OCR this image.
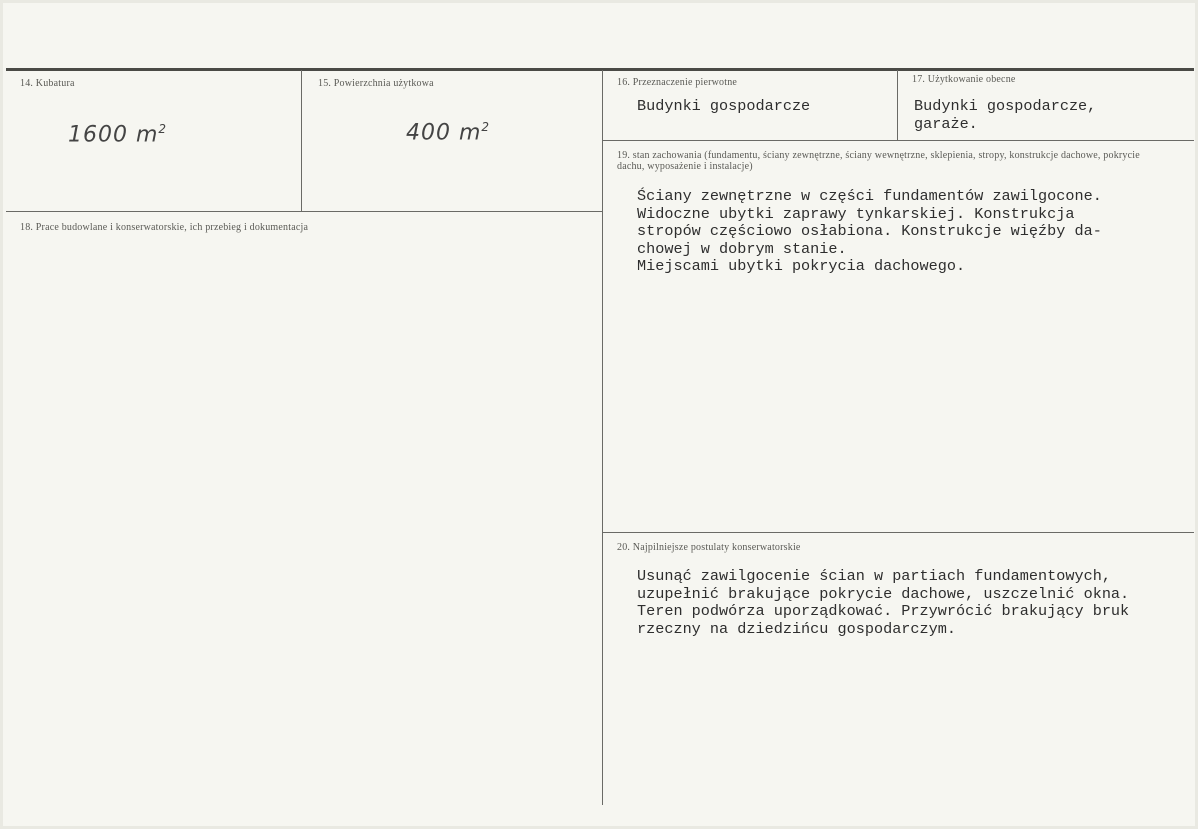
14. Kubatura
1600 $m^2$
15. Powierzchnia użytkowa
400 $m^2$
16. Przeznaczenie pierwotne
Budynki gospodarcze
17. Użytkowanie obecne
Budynki gospodarcze,
garаże.
18. Prace budowlane i konserwatorskie, ich przebieg i dokumentacja
19. stan zachowania (fundamentu, ściany zewnętrzne, ściany wewnętrzne, sklepienia, stropy, konstrukcje dachowe, pokrycie dachu, wyposażenie i instalacje)
Ściany zewnętrzne w części fundamentów zawilgocone.
Widoczne ubytki zaprawy tynkarskiej. Konstrukcja
stropów częściowo osłabiona. Konstrukcje więźby da-
chowej w dobrym stanie.
Miejscami ubytki pokrycia dachowego.
20. Najpilniejsze postulaty konserwatorskie
Usunąć zawilgocenie ścian w partiach fundamentowych,
uzupełnić brakujące pokrycie dachowe, uszczelnić okna.
Teren podwórza uporządkować. Przywrócić brakujący bruk
rzeczny na dziedzińcu gospodarczym.
